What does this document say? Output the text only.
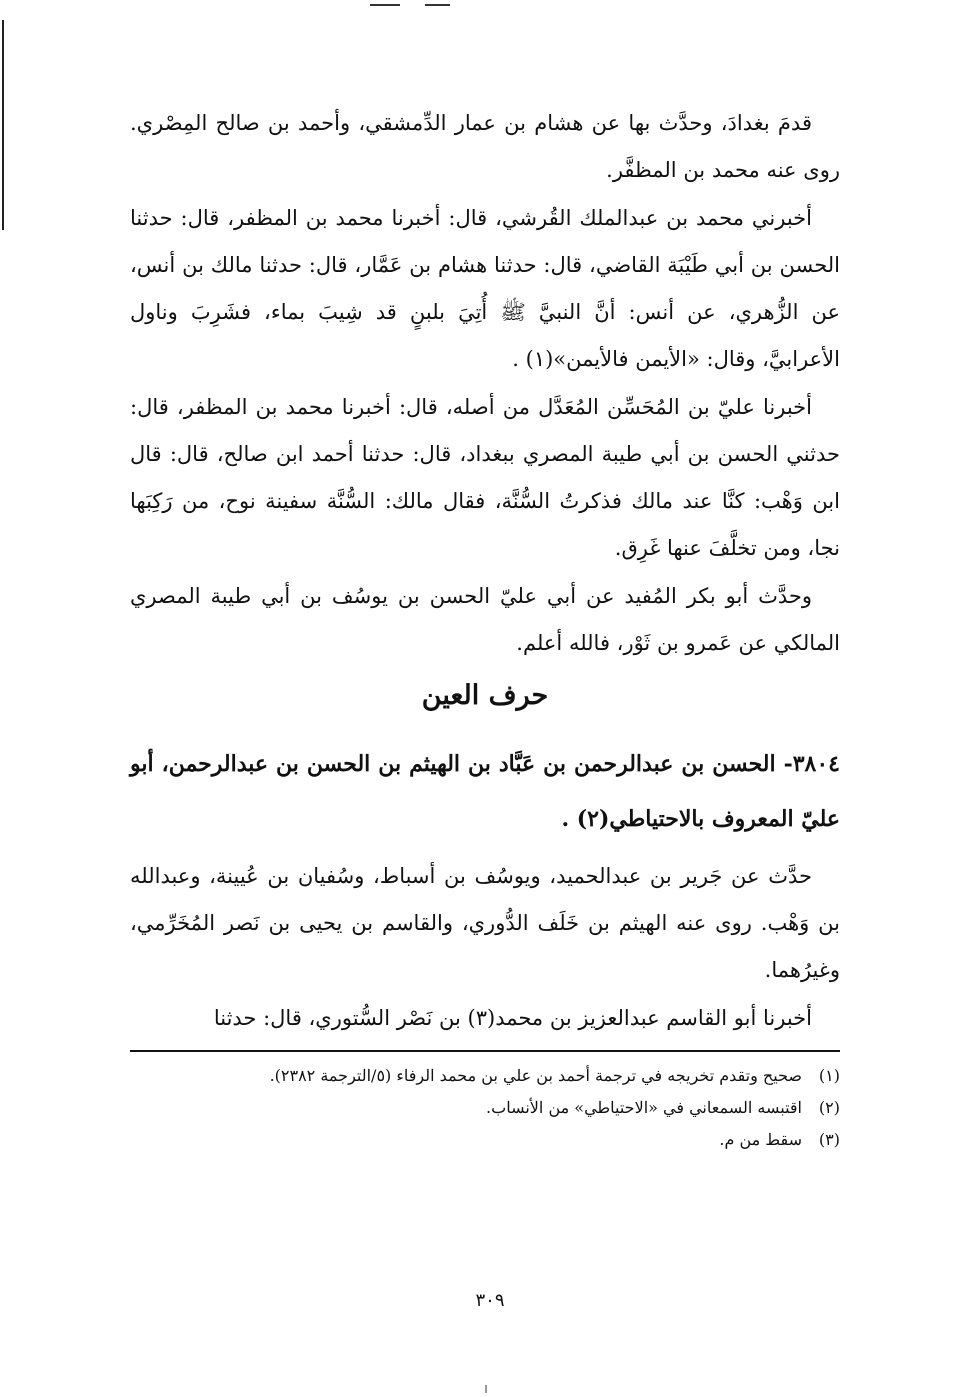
قدمَ بغدادَ، وحدَّث بها عن هشام بن عمار الدِّمشقي، وأحمد بن صالح المِصْري. روى عنه محمد بن المظفَّر.

أخبرني محمد بن عبدالملك القُرشي، قال: أخبرنا محمد بن المظفر، قال: حدثنا الحسن بن أبي طَيْبَة القاضي، قال: حدثنا هشام بن عَمَّار، قال: حدثنا مالك بن أنس، عن الزُّهري، عن أنس: أنَّ النبيَّ ﷺ أُتِيَ بلبنٍ قد شِيبَ بماء، فشَرِبَ وناول الأعرابيَّ، وقال: «الأيمن فالأيمن»(١) .

أخبرنا عليّ بن المُحَسِّن المُعَدَّل من أصله، قال: أخبرنا محمد بن المظفر، قال: حدثني الحسن بن أبي طيبة المصري ببغداد، قال: حدثنا أحمد ابن صالح، قال: قال ابن وَهْب: كنَّا عند مالك فذكرتُ السُّنَّة، فقال مالك: السُّنَّة سفينة نوح، من رَكِبَها نجا، ومن تخلَّفَ عنها غَرِق.

وحدَّث أبو بكر المُفيد عن أبي عليّ الحسن بن يوسُف بن أبي طيبة المصري المالكي عن عَمرو بن ثَوْر، فالله أعلم.

حرف العين

٣٨٠٤- الحسن بن عبدالرحمن بن عَبَّاد بن الهيثم بن الحسن بن عبدالرحمن، أبو عليّ المعروف بالاحتياطي(٢) .

حدَّث عن جَرير بن عبدالحميد، ويوسُف بن أسباط، وسُفيان بن عُيينة، وعبدالله بن وَهْب. روى عنه الهيثم بن خَلَف الدُّوري، والقاسم بن يحيى بن نَصر المُخَرِّمي، وغيرُهما.

أخبرنا أبو القاسم عبدالعزيز بن محمد(٣) بن نَصْر السُّتوري، قال: حدثنا

(١)
صحيح وتقدم تخريجه في ترجمة أحمد بن علي بن محمد الرفاء (٥/الترجمة ٢٣٨٢).
(٢)
اقتبسه السمعاني في «الاحتياطي» من الأنساب.
(٣)
سقط من م.
٣٠٩
